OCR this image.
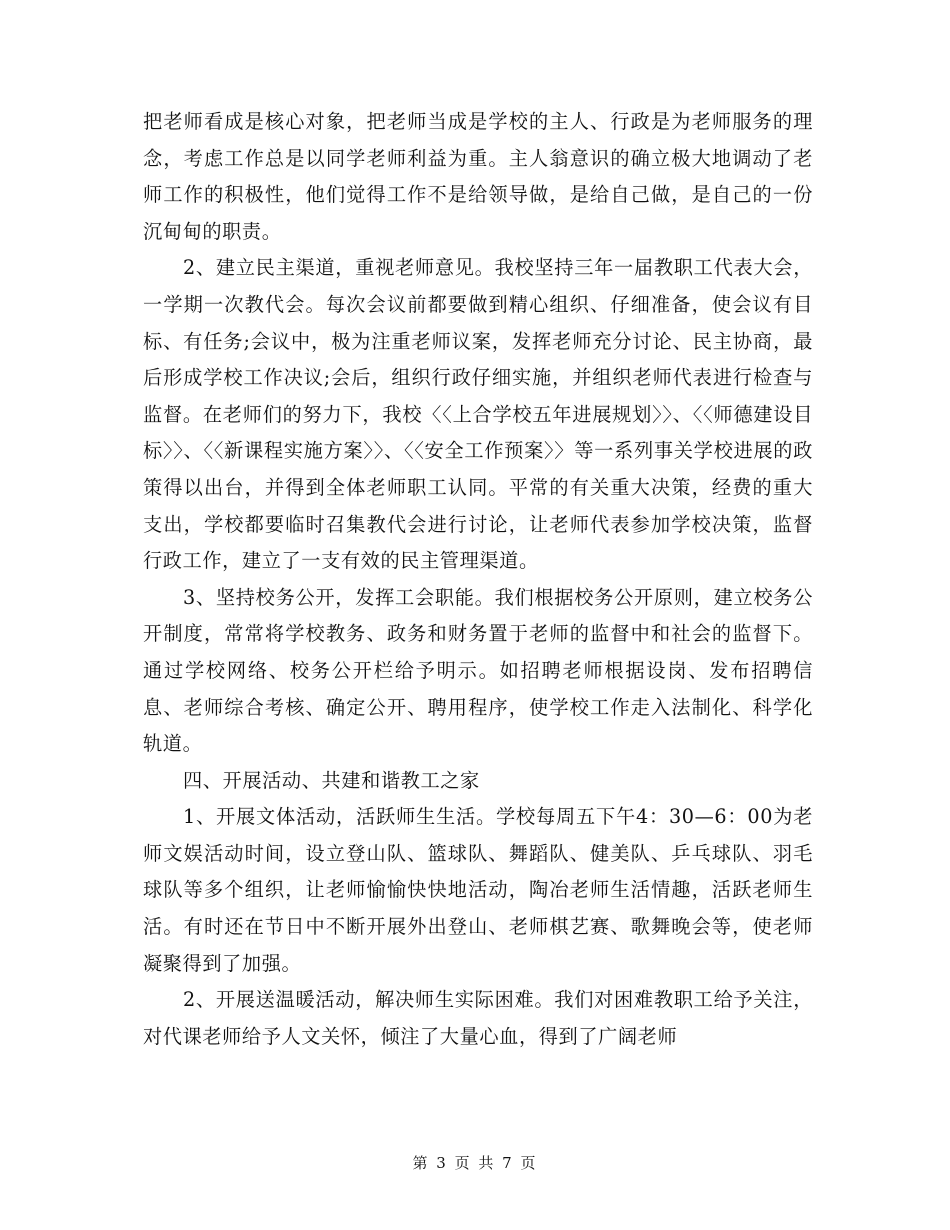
把老师看成是核心对象，把老师当成是学校的主人、行政是为老师服务的理念，考虑工作总是以同学老师利益为重。主人翁意识的确立极大地调动了老师工作的积极性，他们觉得工作不是给领导做，是给自己做，是自己的一份沉甸甸的职责。

2、建立民主渠道，重视老师意见。我校坚持三年一届教职工代表大会，一学期一次教代会。每次会议前都要做到精心组织、仔细准备，使会议有目标、有任务;会议中，极为注重老师议案，发挥老师充分讨论、民主协商，最后形成学校工作决议;会后，组织行政仔细实施，并组织老师代表进行检查与监督。在老师们的努力下，我校〈〈上合学校五年进展规划〉〉、〈〈师德建设目标〉〉、〈〈新课程实施方案〉〉、〈〈安全工作预案〉〉等一系列事关学校进展的政策得以出台，并得到全体老师职工认同。平常的有关重大决策，经费的重大支出，学校都要临时召集教代会进行讨论，让老师代表参加学校决策，监督行政工作，建立了一支有效的民主管理渠道。

3、坚持校务公开，发挥工会职能。我们根据校务公开原则，建立校务公开制度，常常将学校教务、政务和财务置于老师的监督中和社会的监督下。通过学校网络、校务公开栏给予明示。如招聘老师根据设岗、发布招聘信息、老师综合考核、确定公开、聘用程序，使学校工作走入法制化、科学化轨道。

四、开展活动、共建和谐教工之家

1、开展文体活动，活跃师生生活。学校每周五下午4：30—6：00为老师文娱活动时间，设立登山队、篮球队、舞蹈队、健美队、乒乓球队、羽毛球队等多个组织，让老师愉愉快快地活动，陶冶老师生活情趣，活跃老师生活。有时还在节日中不断开展外出登山、老师棋艺赛、歌舞晚会等，使老师凝聚得到了加强。

2、开展送温暖活动，解决师生实际困难。我们对困难教职工给予关注，对代课老师给予人文关怀，倾注了大量心血，得到了广阔老师

第 3 页 共 7 页
